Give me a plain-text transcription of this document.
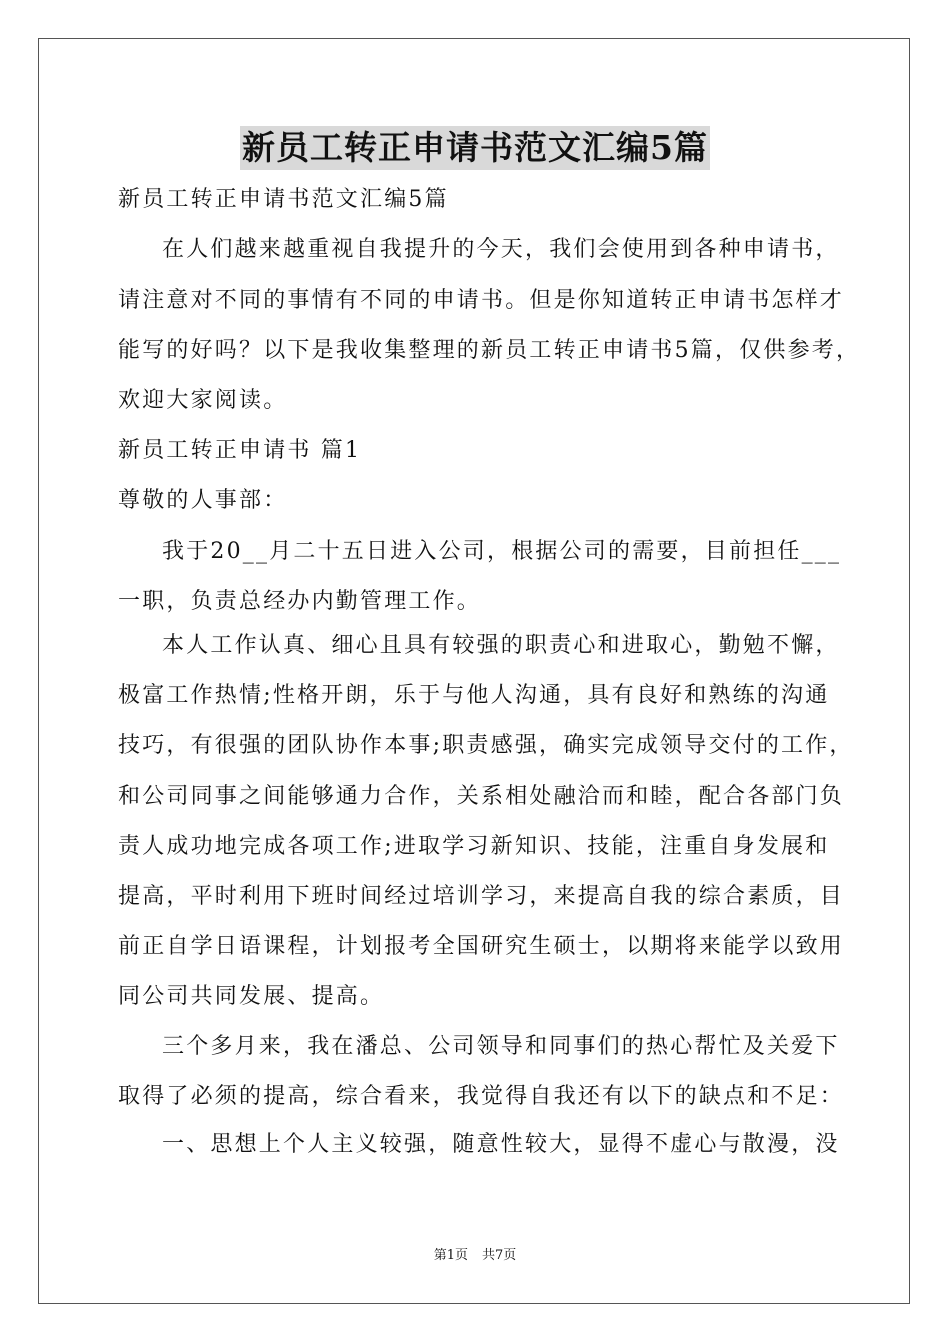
新员工转正申请书范文汇编5篇
新员工转正申请书范文汇编5篇
在人们越来越重视自我提升的今天，我们会使用到各种申请书，
请注意对不同的事情有不同的申请书。但是你知道转正申请书怎样才
能写的好吗？以下是我收集整理的新员工转正申请书5篇，仅供参考，
欢迎大家阅读。
新员工转正申请书 篇1
尊敬的人事部：
我于20__月二十五日进入公司，根据公司的需要，目前担任___
一职，负责总经办内勤管理工作。
本人工作认真、细心且具有较强的职责心和进取心，勤勉不懈，
极富工作热情;性格开朗，乐于与他人沟通，具有良好和熟练的沟通
技巧，有很强的团队协作本事;职责感强，确实完成领导交付的工作，
和公司同事之间能够通力合作，关系相处融洽而和睦，配合各部门负
责人成功地完成各项工作;进取学习新知识、技能，注重自身发展和
提高，平时利用下班时间经过培训学习，来提高自我的综合素质，目
前正自学日语课程，计划报考全国研究生硕士，以期将来能学以致用
同公司共同发展、提高。
三个多月来，我在潘总、公司领导和同事们的热心帮忙及关爱下
取得了必须的提高，综合看来，我觉得自我还有以下的缺点和不足：
一、思想上个人主义较强，随意性较大，显得不虚心与散漫，没
第1页 共7页
